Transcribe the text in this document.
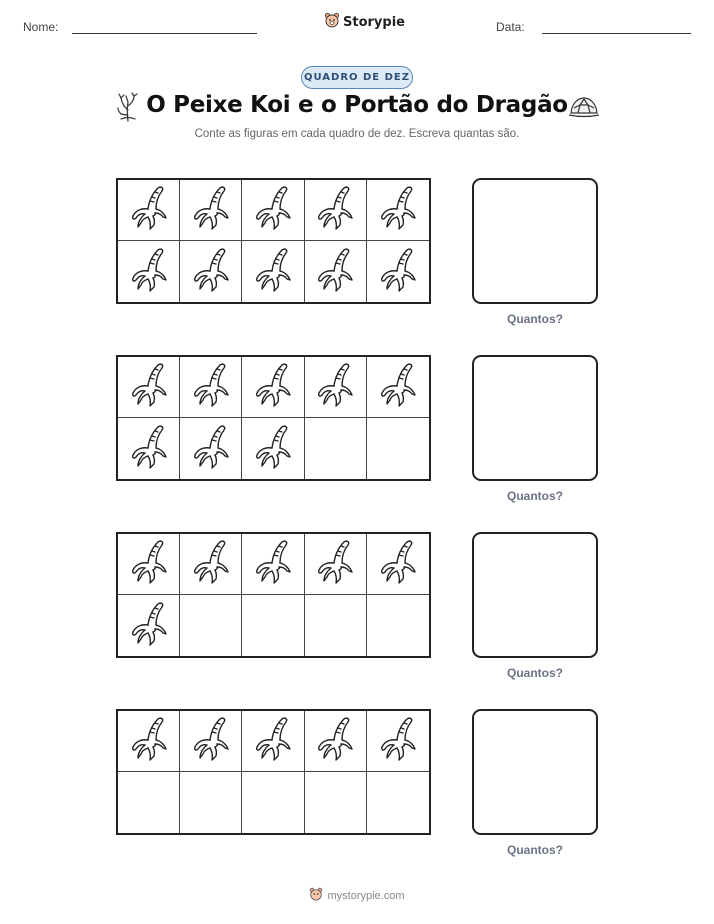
Nome:	Storypie	Data:
QUADRO DE DEZ
O Peixe Koi e o Portão do Dragão
Conte as figuras em cada quadro de dez. Escreva quantas são.
Quantos?
Quantos?
Quantos?
Quantos?
mystorypie.com
